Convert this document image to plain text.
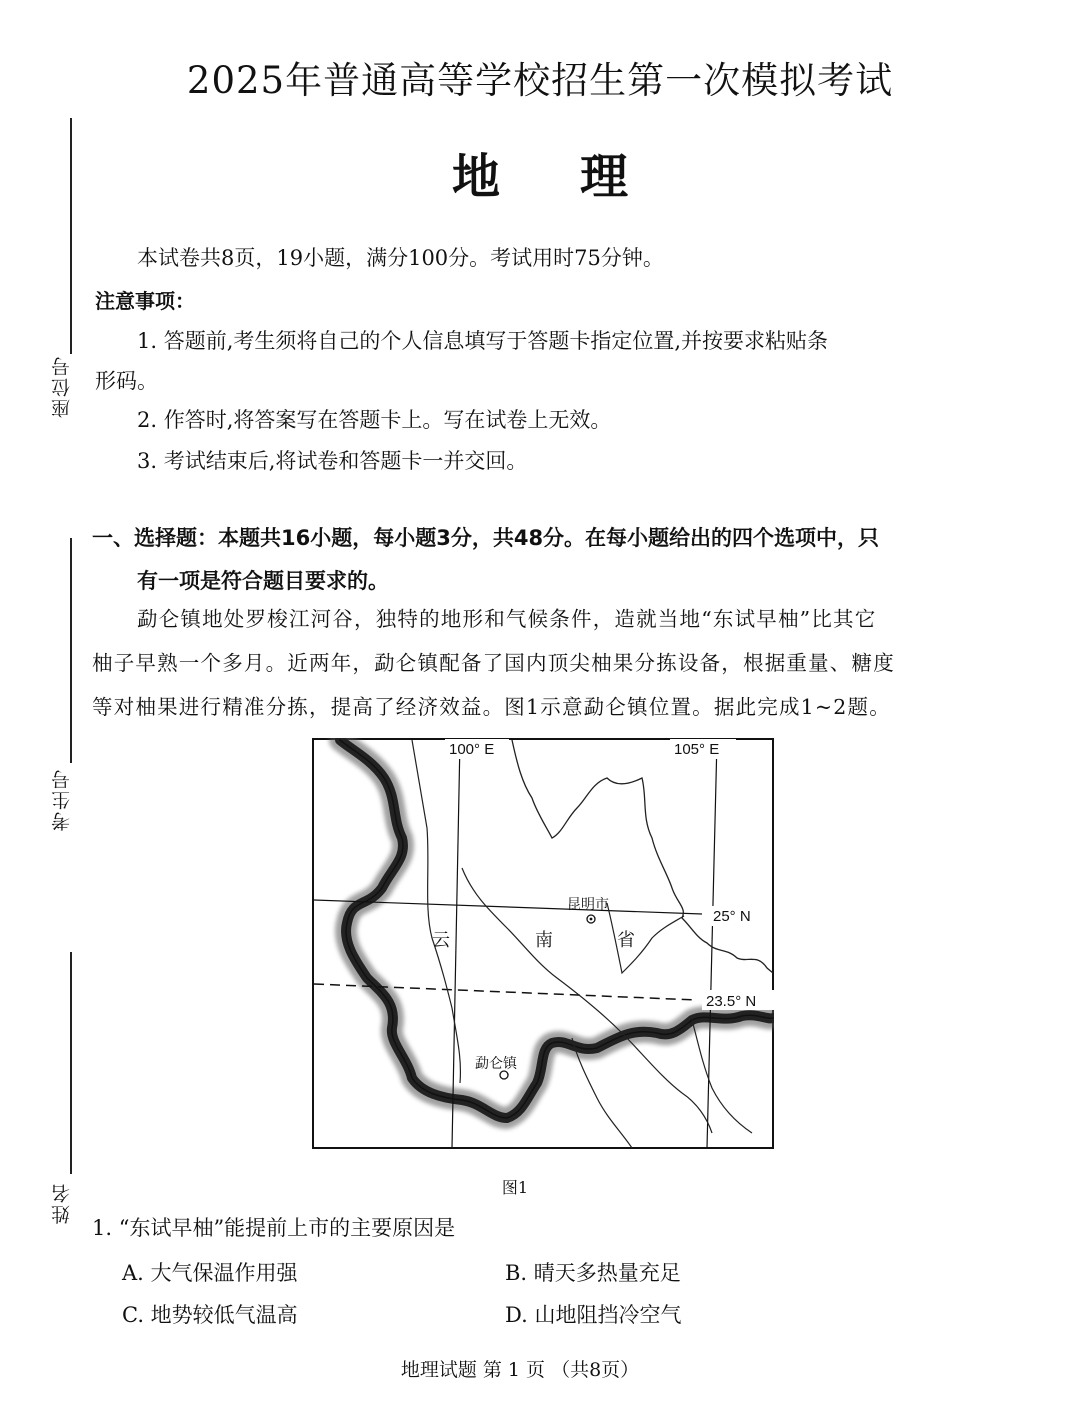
座位号
考生号
姓名
2025年普通高等学校招生第一次模拟考试
地 理
本试卷共8页，19小题，满分100分。考试用时75分钟。
注意事项：
1. 答题前,考生须将自己的个人信息填写于答题卡指定位置,并按要求粘贴条
形码。
2. 作答时,将答案写在答题卡上。写在试卷上无效。
3. 考试结束后,将试卷和答题卡一并交回。
一、选择题：本题共16小题，每小题3分，共48分。在每小题给出的四个选项中，只
有一项是符合题目要求的。
勐仑镇地处罗梭江河谷，独特的地形和气候条件，造就当地“东试早柚”比其它
柚子早熟一个多月。近两年，勐仑镇配备了国内顶尖柚果分拣设备，根据重量、糖度
等对柚果进行精准分拣，提高了经济效益。图1示意勐仑镇位置。据此完成1~2题。
100° E	105° E
25° N
23.5° N
昆明市
云	南	省
勐仑镇
图1
1. “东试早柚”能提前上市的主要原因是
A. 大气保温作用强	B. 晴天多热量充足
C. 地势较低气温高	D. 山地阻挡冷空气
地理试题 第 1 页 （共8页）
